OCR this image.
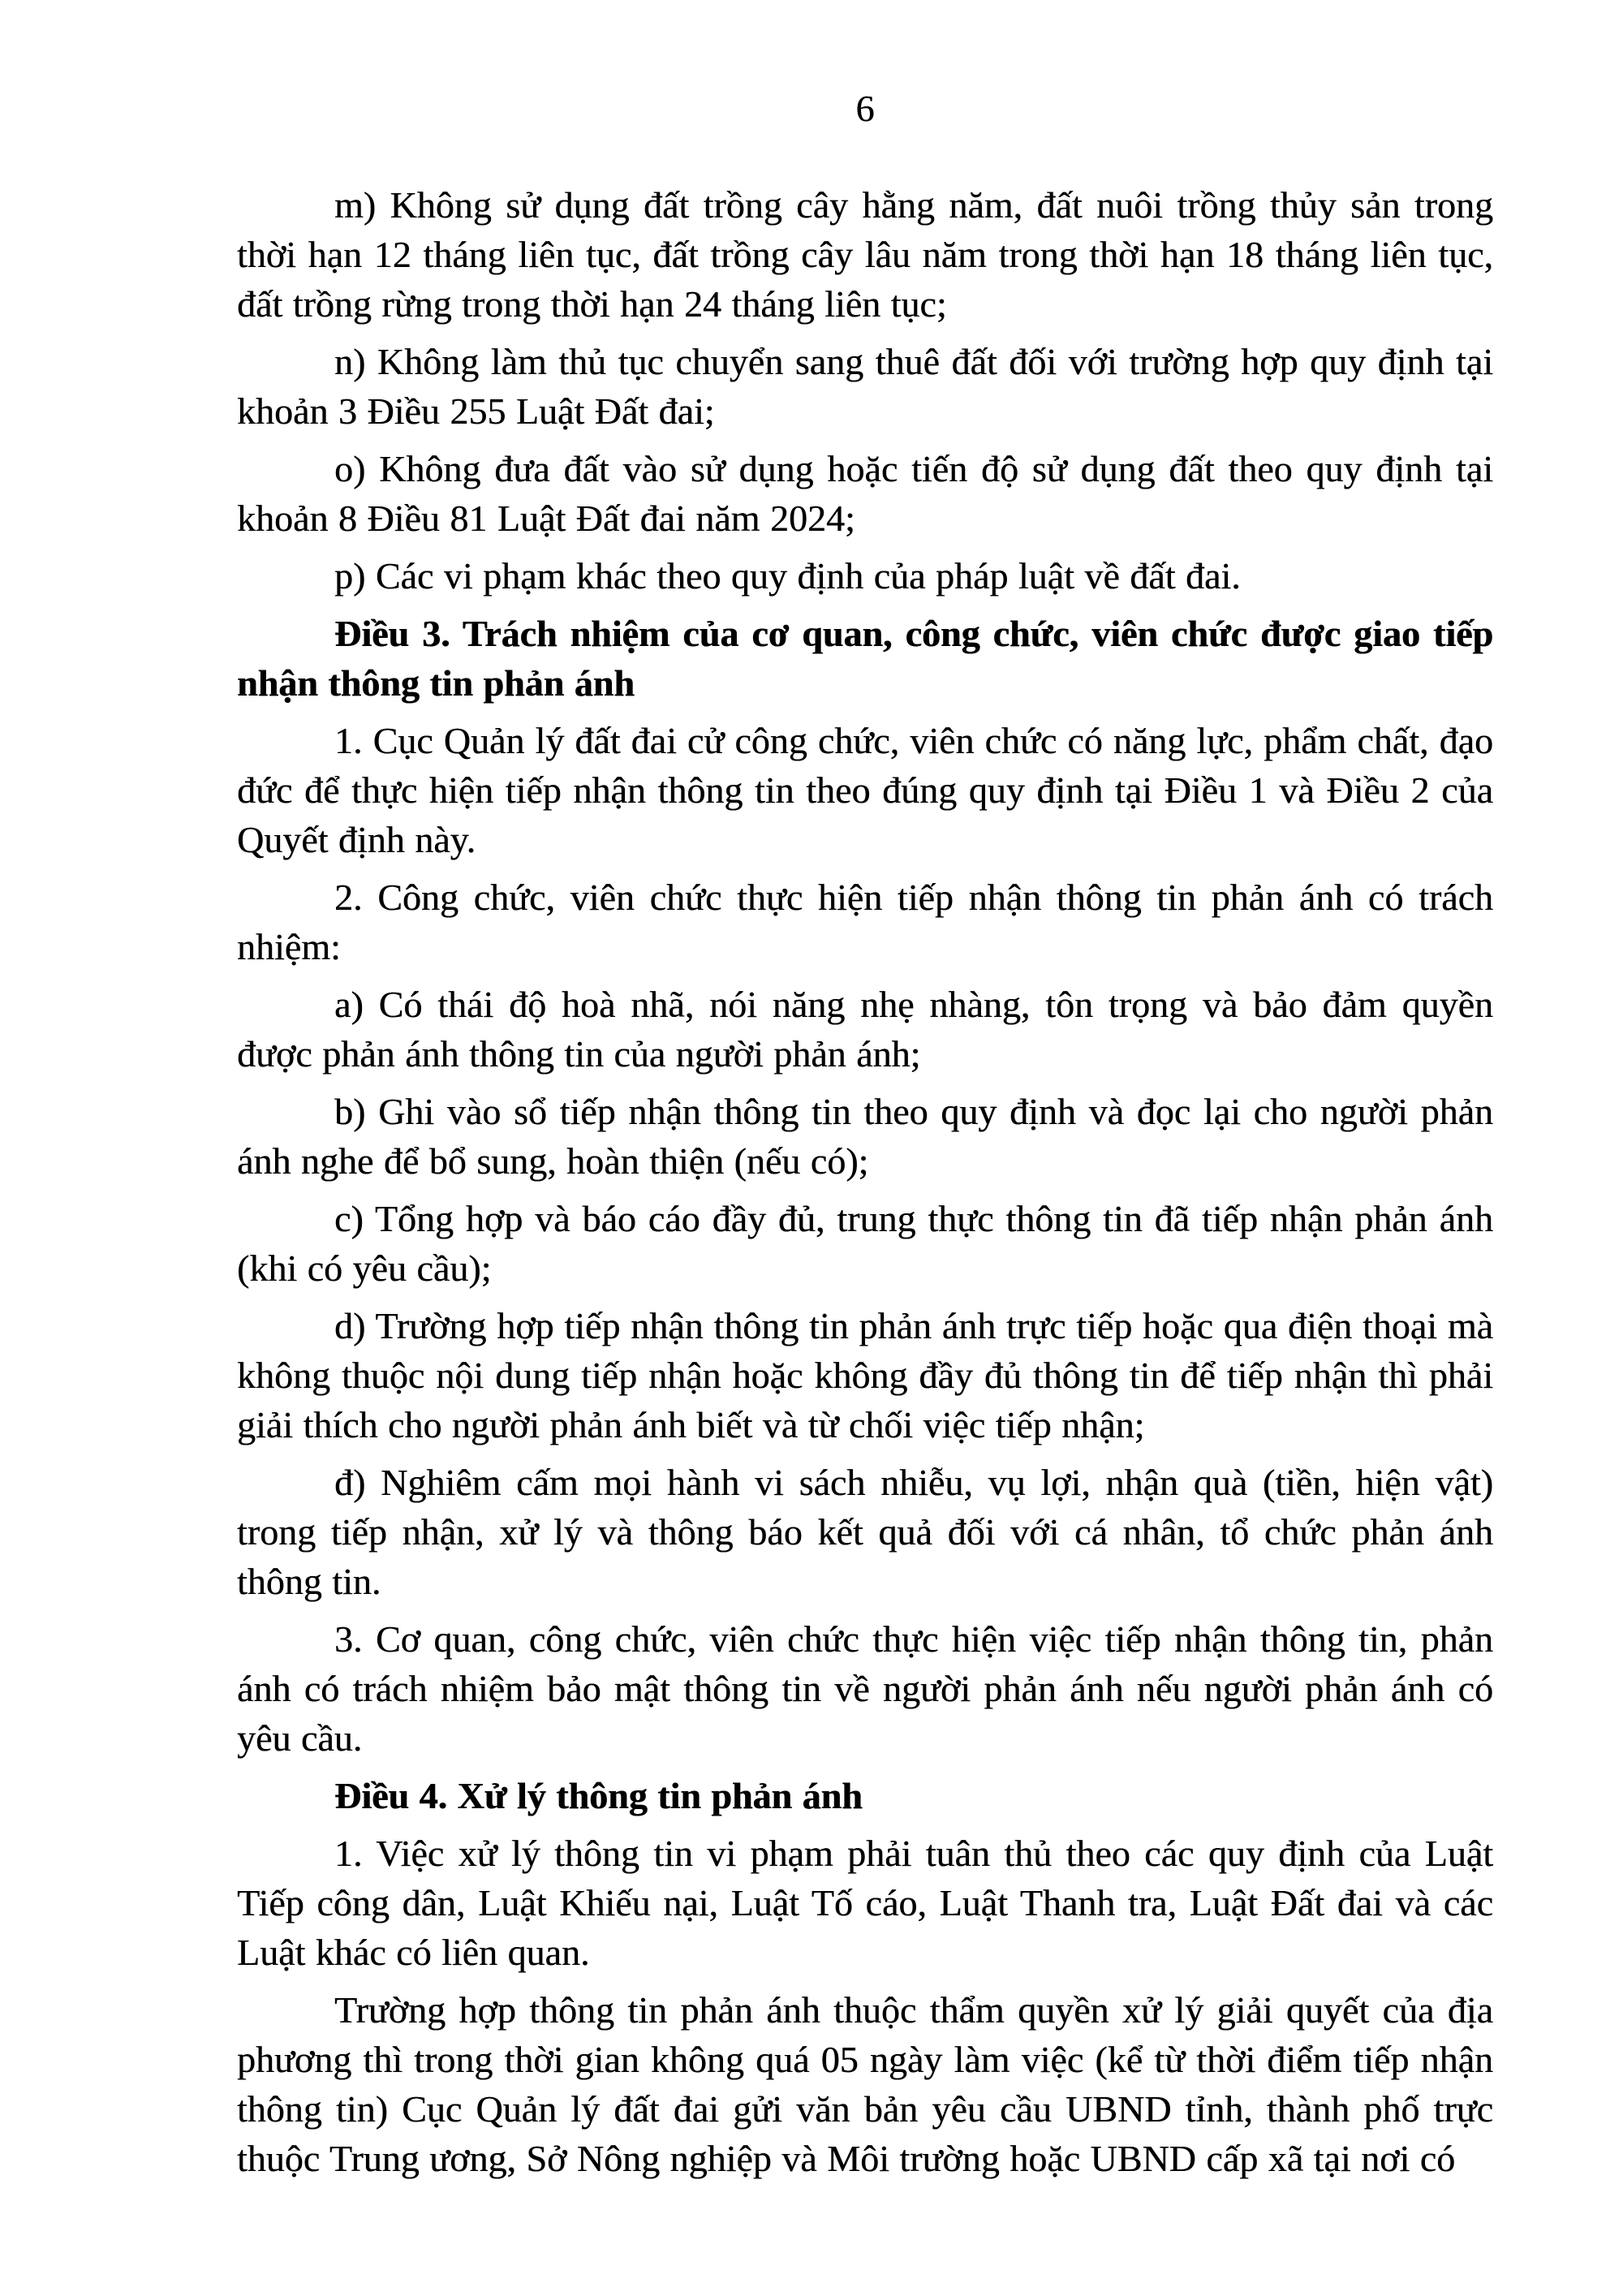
6

m) Không sử dụng đất trồng cây hằng năm, đất nuôi trồng thủy sản trong thời hạn 12 tháng liên tục, đất trồng cây lâu năm trong thời hạn 18 tháng liên tục, đất trồng rừng trong thời hạn 24 tháng liên tục;

n) Không làm thủ tục chuyển sang thuê đất đối với trường hợp quy định tại khoản 3 Điều 255 Luật Đất đai;

o) Không đưa đất vào sử dụng hoặc tiến độ sử dụng đất theo quy định tại khoản 8 Điều 81 Luật Đất đai năm 2024;

p) Các vi phạm khác theo quy định của pháp luật về đất đai.

Điều 3. Trách nhiệm của cơ quan, công chức, viên chức được giao tiếp nhận thông tin phản ánh

1. Cục Quản lý đất đai cử công chức, viên chức có năng lực, phẩm chất, đạo đức để thực hiện tiếp nhận thông tin theo đúng quy định tại Điều 1 và Điều 2 của Quyết định này.

2. Công chức, viên chức thực hiện tiếp nhận thông tin phản ánh có trách nhiệm:

a) Có thái độ hoà nhã, nói năng nhẹ nhàng, tôn trọng và bảo đảm quyền được phản ánh thông tin của người phản ánh;

b) Ghi vào sổ tiếp nhận thông tin theo quy định và đọc lại cho người phản ánh nghe để bổ sung, hoàn thiện (nếu có);

c) Tổng hợp và báo cáo đầy đủ, trung thực thông tin đã tiếp nhận phản ánh (khi có yêu cầu);

d) Trường hợp tiếp nhận thông tin phản ánh trực tiếp hoặc qua điện thoại mà không thuộc nội dung tiếp nhận hoặc không đầy đủ thông tin để tiếp nhận thì phải giải thích cho người phản ánh biết và từ chối việc tiếp nhận;

đ) Nghiêm cấm mọi hành vi sách nhiễu, vụ lợi, nhận quà (tiền, hiện vật) trong tiếp nhận, xử lý và thông báo kết quả đối với cá nhân, tổ chức phản ánh thông tin.

3. Cơ quan, công chức, viên chức thực hiện việc tiếp nhận thông tin, phản ánh có trách nhiệm bảo mật thông tin về người phản ánh nếu người phản ánh có yêu cầu.

Điều 4. Xử lý thông tin phản ánh

1. Việc xử lý thông tin vi phạm phải tuân thủ theo các quy định của Luật Tiếp công dân, Luật Khiếu nại, Luật Tố cáo, Luật Thanh tra, Luật Đất đai và các Luật khác có liên quan.

Trường hợp thông tin phản ánh thuộc thẩm quyền xử lý giải quyết của địa phương thì trong thời gian không quá 05 ngày làm việc (kể từ thời điểm tiếp nhận thông tin) Cục Quản lý đất đai gửi văn bản yêu cầu UBND tỉnh, thành phố trực thuộc Trung ương, Sở Nông nghiệp và Môi trường hoặc UBND cấp xã tại nơi có
